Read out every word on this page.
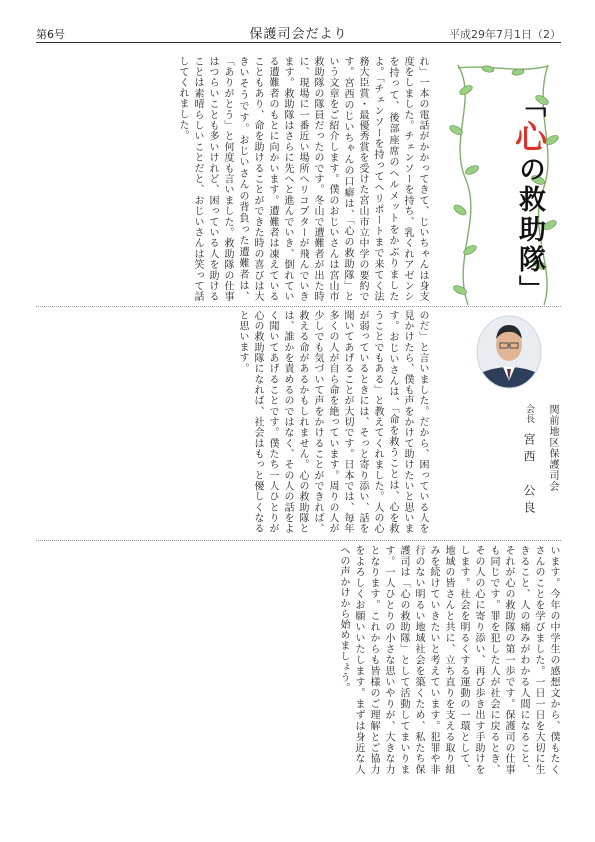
第6号	保護司会だより	平成29年7月1日（2）
れ」一本の電話がかかってきて、じいちゃんは身支度をしました。チェンソーを持ち、乳くれアゼンシを持って、後部座席のヘルメットをかぶりましたよ。「チェンソーを持ってヘリポートまで来てく法務大臣賞・最優秀賞を受けた宮山市立中学の要約です。宮西のじいちゃんの口癖は、「心の救助隊」という文章をご紹介します。僕のおじいさんは宮山市救助隊の隊員だったのです。冬山で遭難者が出た時に、現場に一番近い場所へリコプターが飛んでいきます。救助隊はさらに先へと進んでいき、倒れている遭難者のもとに向かいます。遭難者は凍えていることもあり、命を助けることができた時の喜びは大きいそうです。おじいさんの背負った遭難者は、「ありがとう」と何度も言いました。救助隊の仕事はつらいことも多いけれど、困っている人を助けることは素晴らしいことだと、おじいさんは笑って話してくれました。
のだ」と言いました。だから、困っている人を見かけたら、僕も声をかけて助けたいと思います。おじいさんは、「命を救うことは、心を救うことでもある」と教えてくれました。人の心が弱っているときには、そっと寄り添い、話を聞いてあげることが大切です。日本では、毎年多くの人が自ら命を絶っています。周りの人が少しでも気づいて声をかけることができれば、救える命があるかもしれません。心の救助隊とは、誰かを責めるのではなく、その人の話をよく聞いてあげることです。僕たち一人ひとりが心の救助隊になれば、社会はもっと優しくなると思います。
います。今年の中学生の感想文から、僕もたくさんのことを学びました。一日一日を大切に生きること、人の痛みがわかる人間になること、それが心の救助隊の第一歩です。保護司の仕事も同じです。罪を犯した人が社会に戻るとき、その人の心に寄り添い、再び歩き出す手助けをします。社会を明るくする運動の一環として、地域の皆さんと共に、立ち直りを支える取り組みを続けていきたいと考えています。犯罪や非行のない明るい地域社会を築くため、私たち保護司は「心の救助隊」として活動してまいります。一人ひとりの小さな思いやりが、大きな力となります。これからも皆様のご理解とご協力をよろしくお願いいたします。まずは身近な人への声かけから始めましょう。
「心の救助隊」
関前地区保護司会
会長 宮西　公良
